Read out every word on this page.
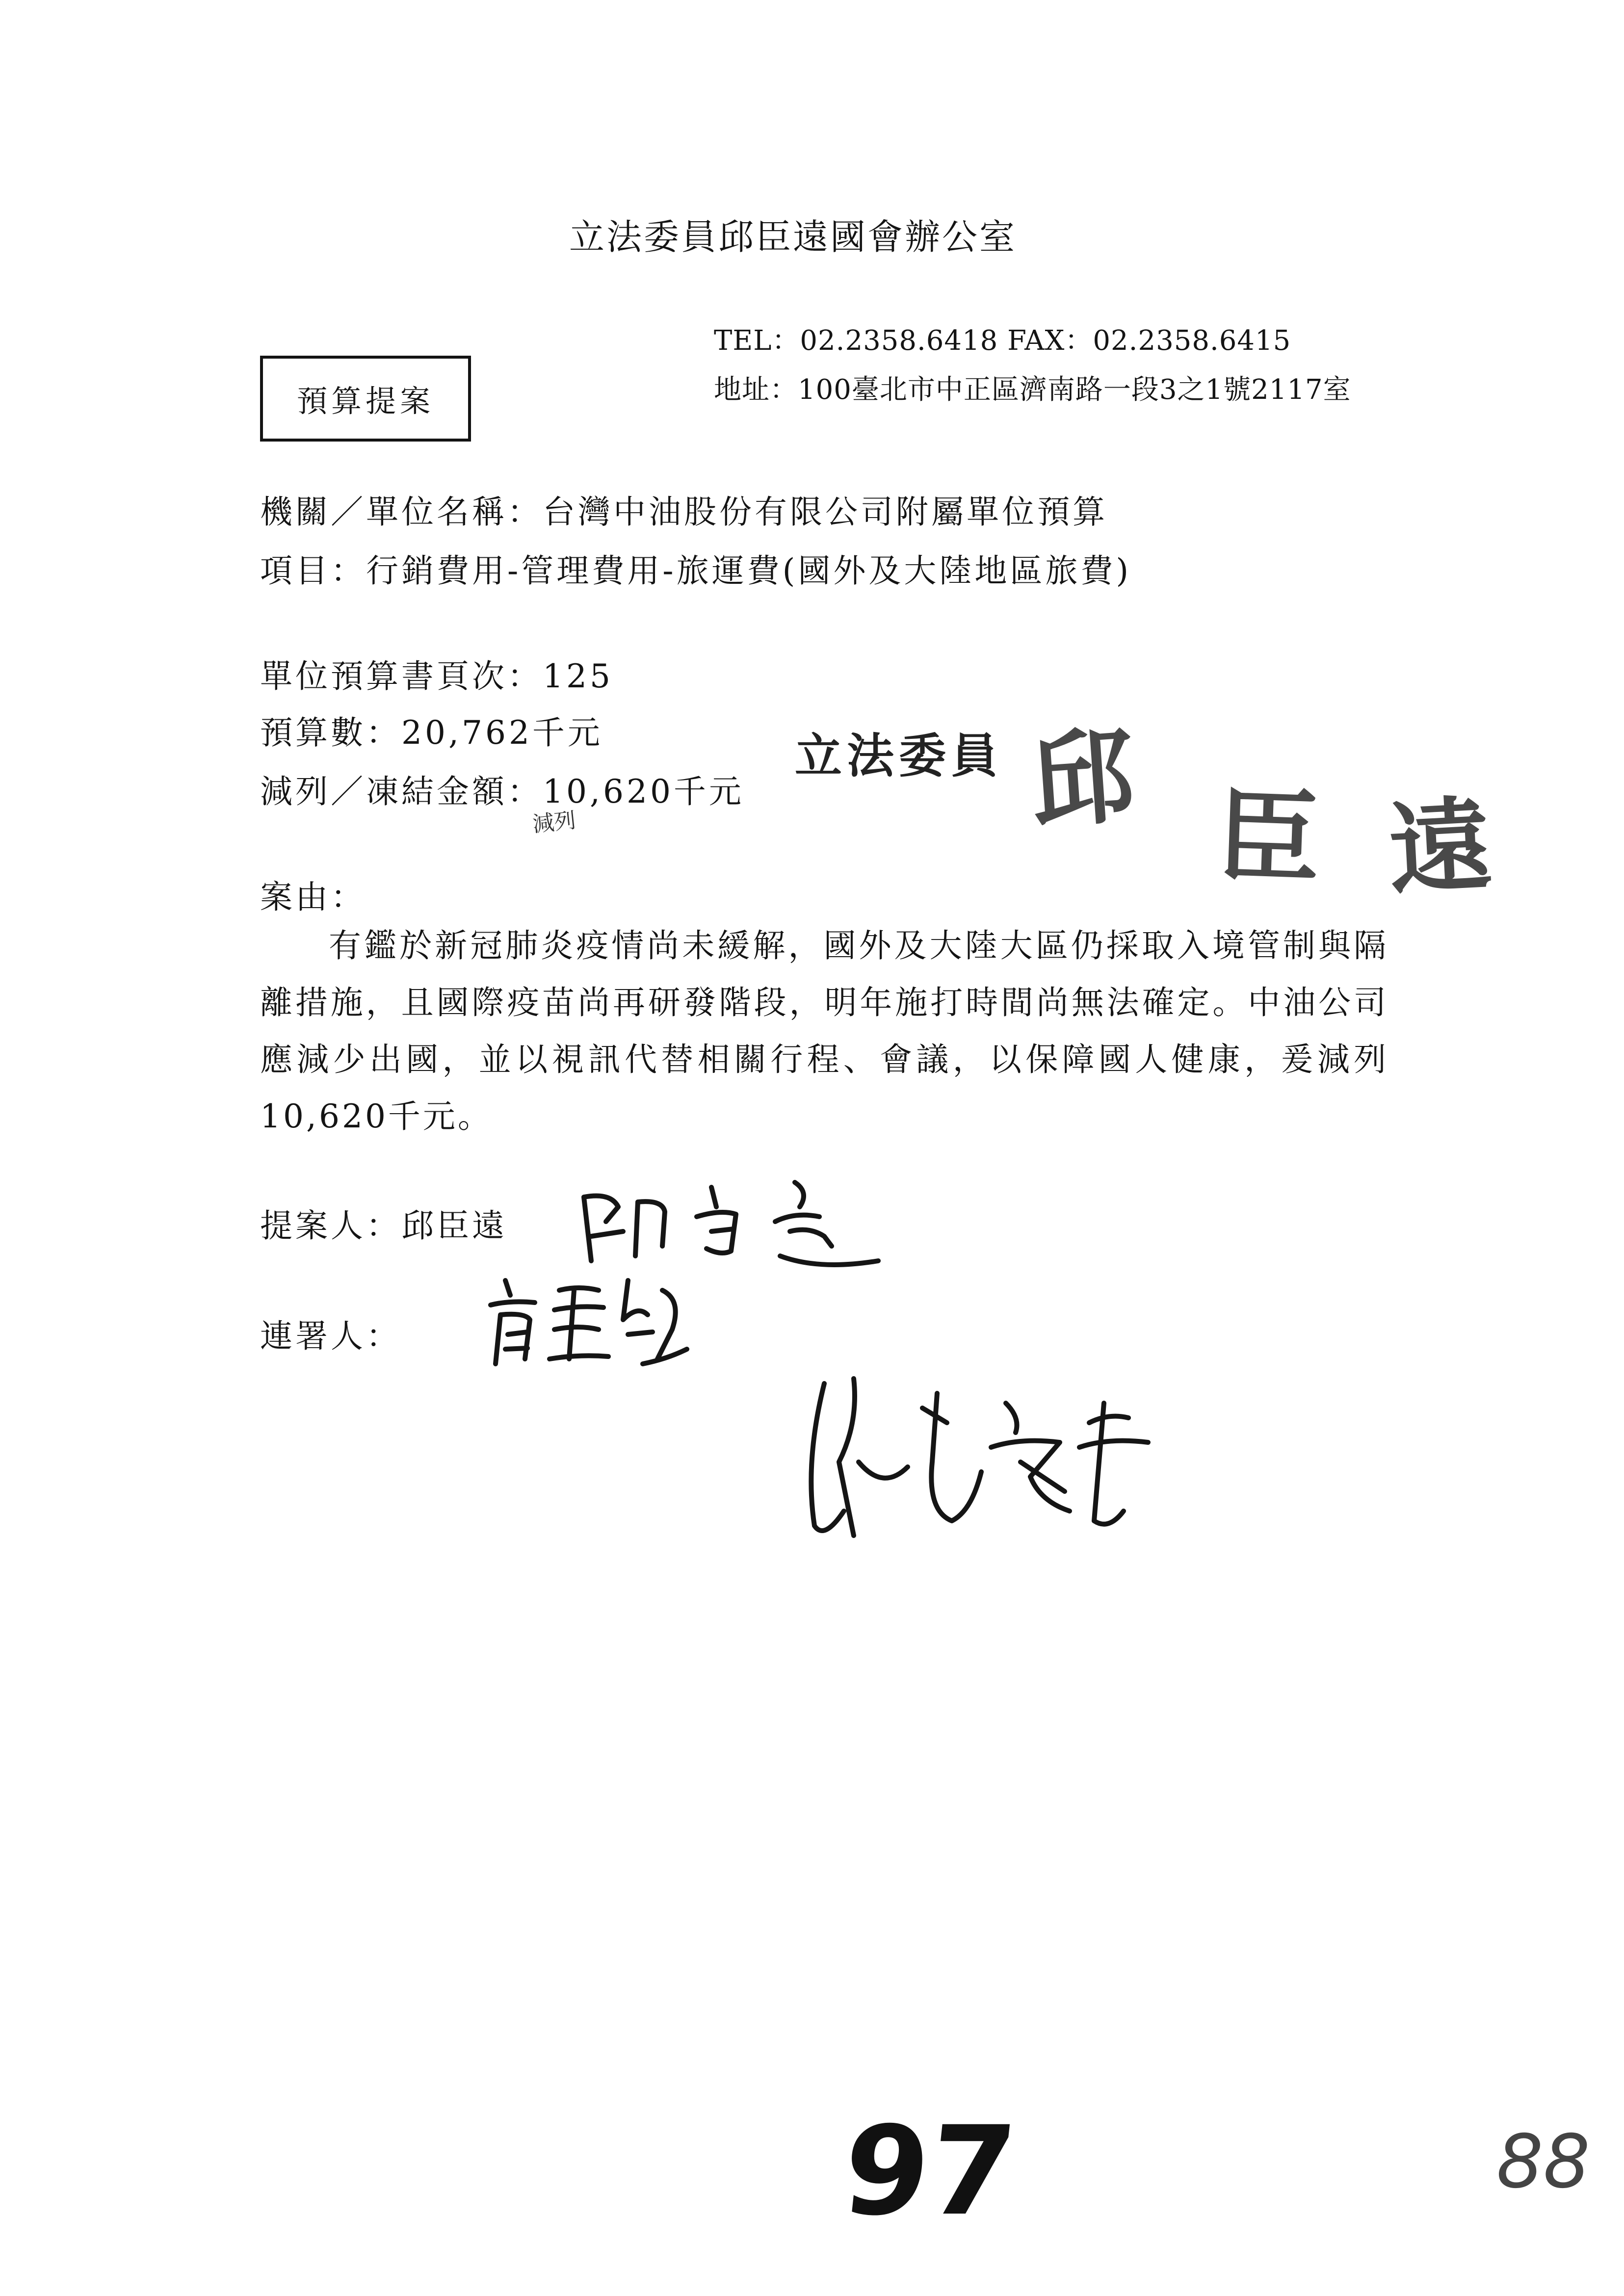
立法委員邱臣遠國會辦公室
TEL：02.2358.6418 FAX：02.2358.6415
地址：100臺北市中正區濟南路一段3之1號2117室
預算提案
機關／單位名稱：台灣中油股份有限公司附屬單位預算
項目：行銷費用-管理費用-旅運費(國外及大陸地區旅費)
單位預算書頁次：125
預算數：20,762千元
減列／凍結金額：10,620千元
減列
立法委員 邱 臣 遠
案由：
有鑑於新冠肺炎疫情尚未緩解，國外及大陸大區仍採取入境管制與隔離措施，且國際疫苗尚再研發階段，明年施打時間尚無法確定。中油公司應減少出國，並以視訊代替相關行程、會議，以保障國人健康，爰減列10,620千元。
提案人：邱臣遠
連署人：
97	88
